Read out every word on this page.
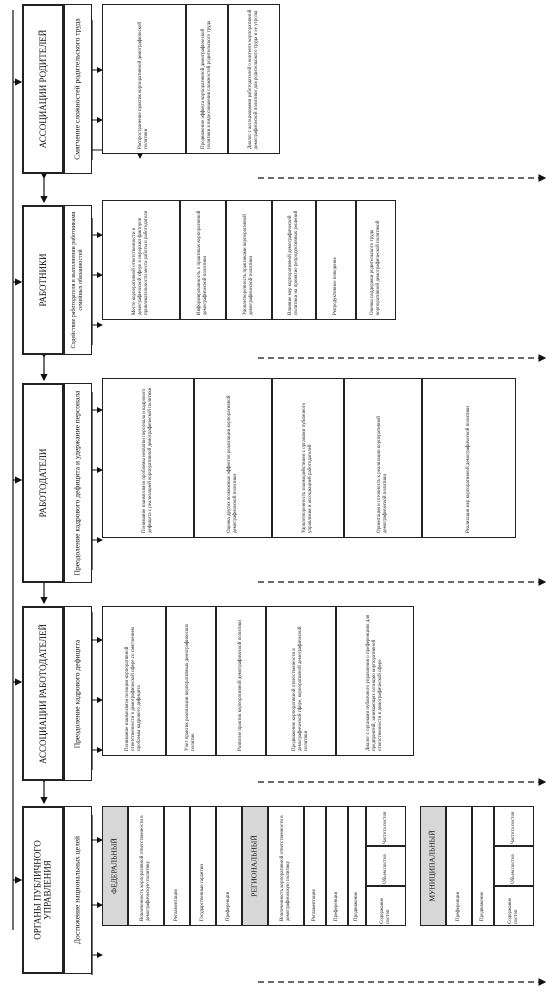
АССОЦИАЦИИ РОДИТЕЛЕЙ	Смягчение сложностей родительского труда	Распространение практик корпоративной демографической политики	Продвижение эффекта корпоративной демографической политики в виде снижения сложностей родительского труда	Диалог с ассоциациями работодателей о контенте корпоративной демографической политики для родительского труда и ее угрозы
РАБОТНИКИ	Содействие работодателя в выполнении работниками семейных обязанностей	Место корпоративной ответственности в демографической сфере в иерархии факторов привлекательности места работы и работодателя	Информированность о практиках корпоративной демографической политики	Удовлетворенность практиками корпоративной демографической политики	Влияние мер корпоративной демографической политики на принятие репродуктивных решений	Репродуктивное поведение	Оценка поддержки родительского труда корпоративной демографической политикой
РАБОТОДАТЕЛИ	Преодоление кадрового дефицита и удержание персонала	Понимание взаимосвязи проблемы нехватки персонала и кадрового дефицита с реализацией корпоративной демографической политики	Оценка других возможных эффектов реализации корпоративной демографической политики	Удовлетворенность взаимодействием с органами публичного управления и ассоциацией работодателей	Ориентация и готовность к реализации корпоративной демографической политики	Реализация мер корпоративной демографической политики
АССОЦИАЦИИ РАБОТОДАТЕЛЕЙ	Преодоление кадрового дефицита	Понимание взаимосвязи позиции корпоративной ответственности в демографической сфере со смягчением проблемы кадрового дефицита	Учет практик реализации корпоративных демографических политик	Развитие практик корпоративной демографической политики	Продвижение корпоративной ответственности в демографической сфере, корпоративной демографической политики	Диалог с органами публичного управления о преференциях для предприятий, занимающих позицию корпоративной ответственности в демографической сфере
ОРГАНЫ ПУБЛИЧНОГО УПРАВЛЕНИЯ	Достижение национальных целей	ФЕДЕРАЛЬНЫЙ	Вовлеченность корпоративной ответственности в демографическую политику	Регламентация	Государственные гарантии	Преференции
РЕГИОНАЛЬНЫЙ	Вовлеченность корпоративной ответственности в демографическую политику	Регламентация	Преференции	Продвижение
Частота постов
Объем постов
Содержание постов
МУНИЦИПАЛЬНЫЙ
Преференции	Продвижение
Частота постов
Объем постов
Содержание постов
